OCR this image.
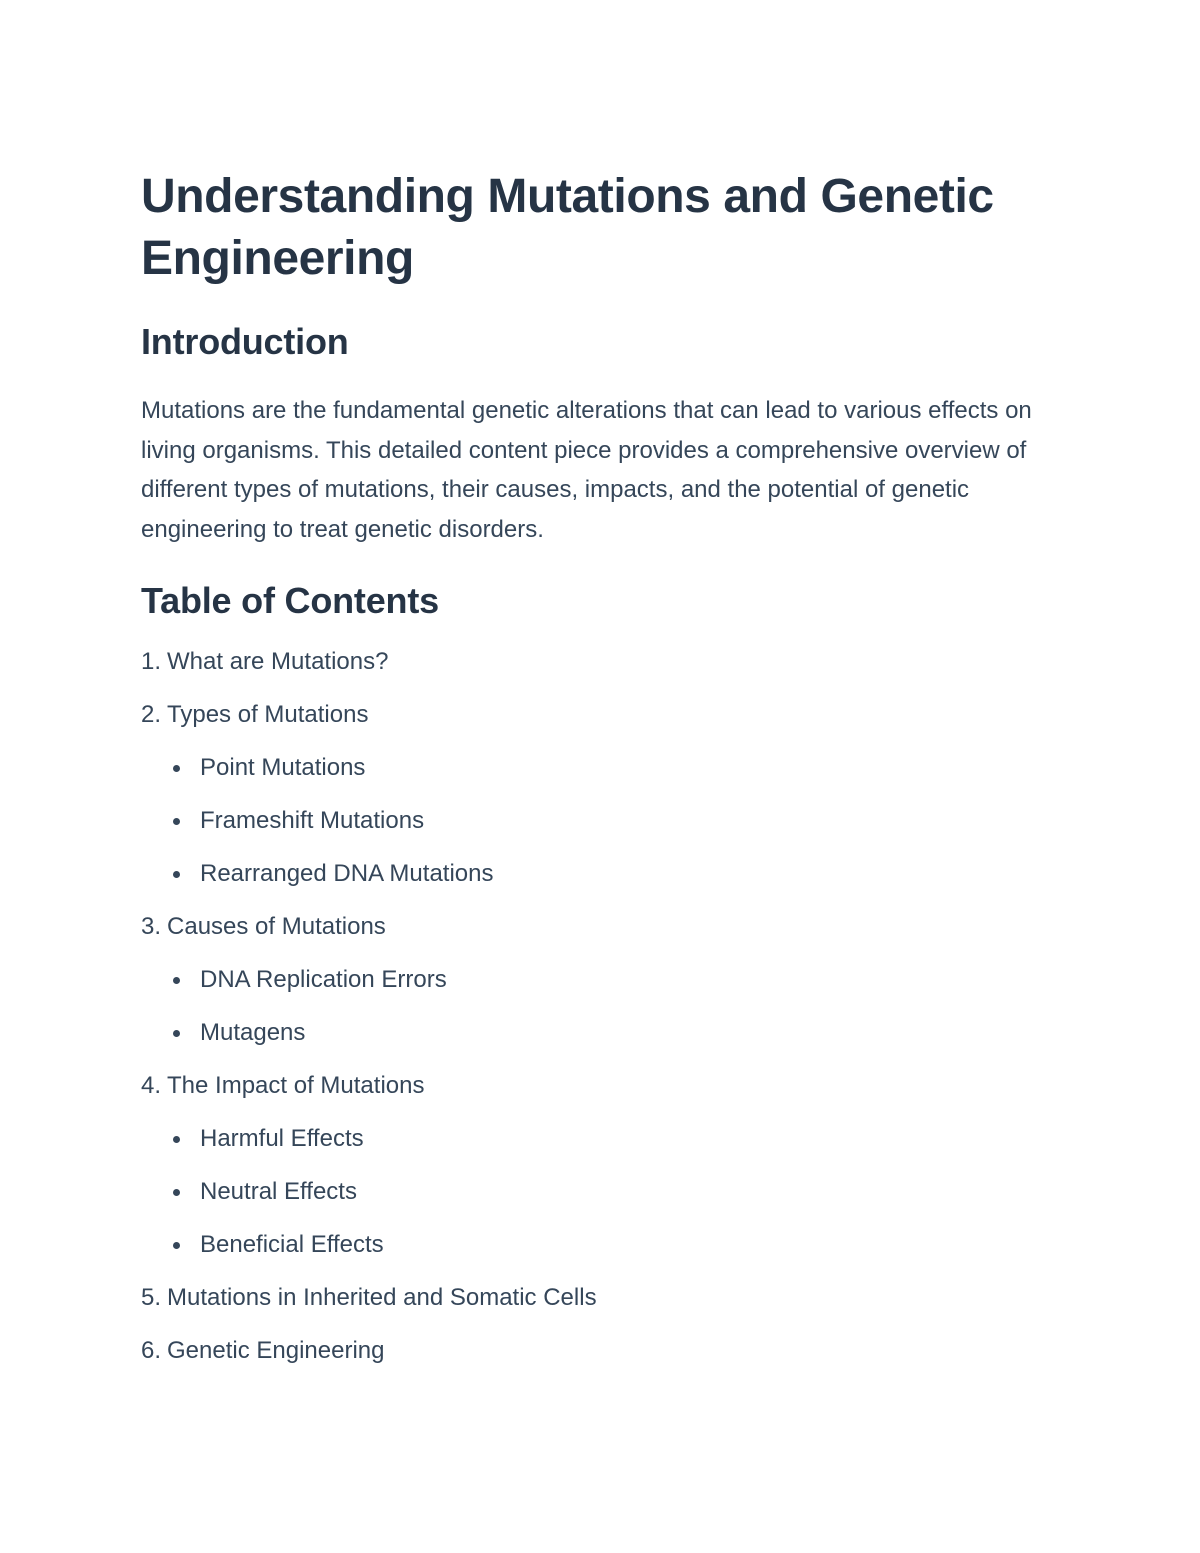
Understanding Mutations and Genetic Engineering
Introduction

Mutations are the fundamental genetic alterations that can lead to various effects on living organisms. This detailed content piece provides a comprehensive overview of different types of mutations, their causes, impacts, and the potential of genetic engineering to treat genetic disorders.

Table of Contents
1. What are Mutations?
2. Types of Mutations
Point Mutations
Frameshift Mutations
Rearranged DNA Mutations
3. Causes of Mutations
DNA Replication Errors
Mutagens
4. The Impact of Mutations
Harmful Effects
Neutral Effects
Beneficial Effects
5. Mutations in Inherited and Somatic Cells
6. Genetic Engineering
